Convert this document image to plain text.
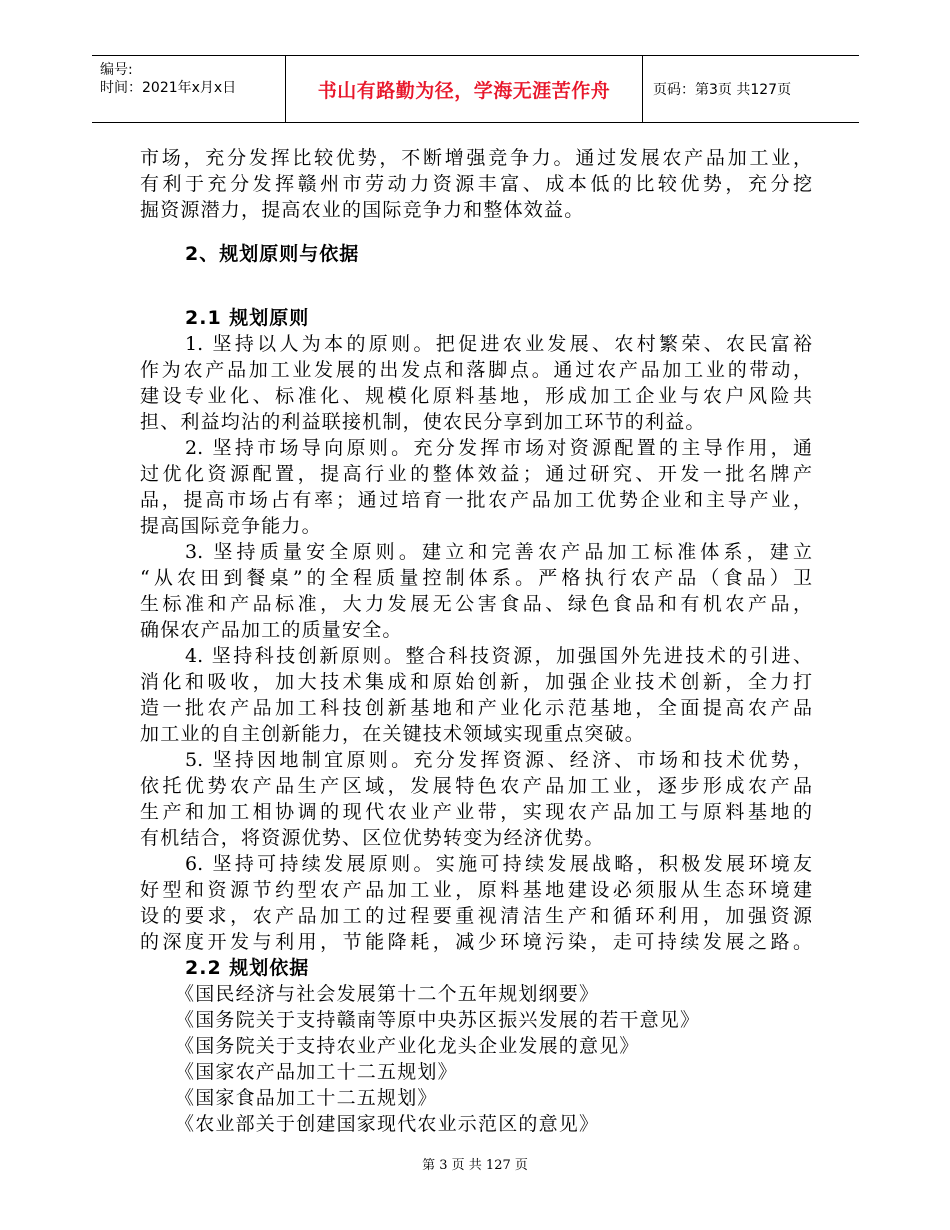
编号:
时间：2021年x月x日	书山有路勤为径，学海无涯苦作舟	页码：第3页 共127页
市场，充分发挥比较优势，不断增强竞争力。通过发展农产品加工业，
有利于充分发挥赣州市劳动力资源丰富、成本低的比较优势，充分挖
掘资源潜力，提高农业的国际竞争力和整体效益。
2、规划原则与依据
2.1 规划原则
1. 坚持以人为本的原则。把促进农业发展、农村繁荣、农民富裕
作为农产品加工业发展的出发点和落脚点。通过农产品加工业的带动，
建设专业化、标准化、规模化原料基地，形成加工企业与农户风险共
担、利益均沾的利益联接机制，使农民分享到加工环节的利益。
2. 坚持市场导向原则。充分发挥市场对资源配置的主导作用，通
过优化资源配置，提高行业的整体效益；通过研究、开发一批名牌产
品，提高市场占有率；通过培育一批农产品加工优势企业和主导产业，
提高国际竞争能力。
3. 坚持质量安全原则。建立和完善农产品加工标准体系，建立
“从农田到餐桌”的全程质量控制体系。严格执行农产品（食品）卫
生标准和产品标准，大力发展无公害食品、绿色食品和有机农产品，
确保农产品加工的质量安全。
4. 坚持科技创新原则。整合科技资源，加强国外先进技术的引进、
消化和吸收，加大技术集成和原始创新，加强企业技术创新，全力打
造一批农产品加工科技创新基地和产业化示范基地，全面提高农产品
加工业的自主创新能力，在关键技术领域实现重点突破。
5. 坚持因地制宜原则。充分发挥资源、经济、市场和技术优势，
依托优势农产品生产区域，发展特色农产品加工业，逐步形成农产品
生产和加工相协调的现代农业产业带，实现农产品加工与原料基地的
有机结合，将资源优势、区位优势转变为经济优势。
6. 坚持可持续发展原则。实施可持续发展战略，积极发展环境友
好型和资源节约型农产品加工业，原料基地建设必须服从生态环境建
设的要求，农产品加工的过程要重视清洁生产和循环利用，加强资源
的深度开发与利用，节能降耗，减少环境污染，走可持续发展之路。
2.2 规划依据
《国民经济与社会发展第十二个五年规划纲要》
《国务院关于支持赣南等原中央苏区振兴发展的若干意见》
《国务院关于支持农业产业化龙头企业发展的意见》
《国家农产品加工十二五规划》
《国家食品加工十二五规划》
《农业部关于创建国家现代农业示范区的意见》
第 3 页 共 127 页
